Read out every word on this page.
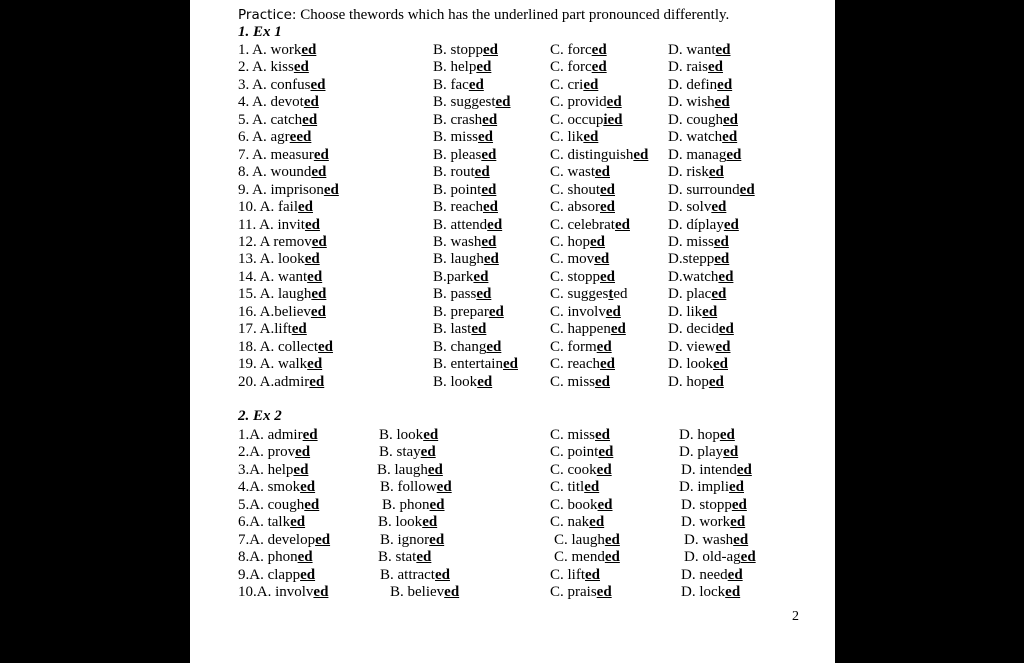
Practice: Choose thewords which has the underlined part pronounced differently.
1. Ex 1
1. A. worked	B. stopped	C. forced	D. wanted
2. A. kissed	B. helped	C. forced	D. raised
3. A. confused	B. faced	C. cried	D. defined
4. A. devoted	B. suggested	C. provided	D. wished
5. A. catched	B. crashed	C. occupied	D. coughed
6. A. agreed	B. missed	C. liked	D. watched
7. A. measured	B. pleased	C. distinguished D. managed
8. A. wounded	B. routed	C. wasted	D. risked
9. A. imprisoned	B. pointed	C. shouted	D. surrounded
10. A. failed	B. reached	C. absored	D. solved
11. A. invited	B. attended	C. celebrated	D. díplayed
12. A removed	B. washed	C. hoped	D. missed
13. A. looked	B. laughed	C. moved	D.stepped
14. A. wanted	B.parked	C. stopped	D.watched
15. A. laughed	B. passed	C. suggested	D. placed
16. A.believed	B. prepared	C. involved	D. liked
17. A.lifted	B. lasted	C. happened	D. decided
18. A. collected	B. changed	C. formed	D. viewed
19. A. walked	B. entertained C. reached	D. looked
20. A.admired	B. looked	C. missed	D. hoped
2. Ex 2
1.A. admired	B. looked	C. missed	D. hoped
2.A. proved	B. stayed	C. pointed	D. played
3.A. helped	B. laughed	C. cooked	D. intended
4.A. smoked	B. followed	C. titled	D. implied
5.A. coughed	B. phoned	C. booked	D. stopped
6.A. talked	B. looked	C. naked	D. worked
7.A. developed	B. ignored	C. laughed	D. washed
8.A. phoned	B. stated	C. mended	D. old-aged
9.A. clapped	B. attracted	C. lifted	D. needed
10.A. involved	B. believed	C. praised	D. locked
2
